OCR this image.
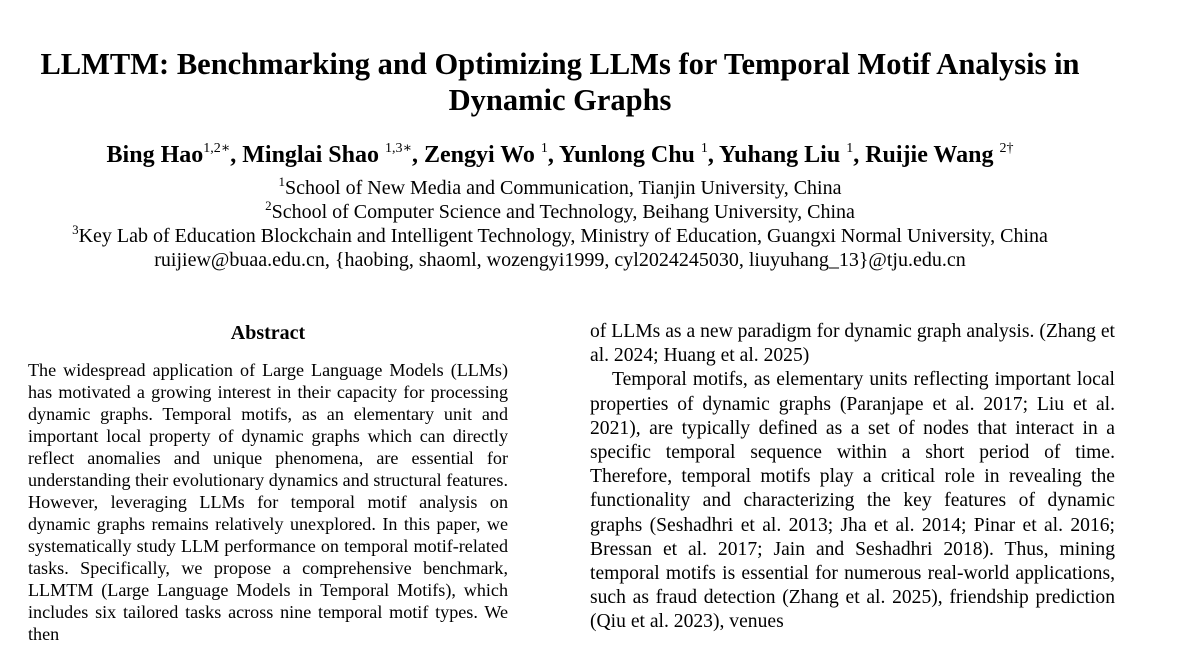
LLMTM: Benchmarking and Optimizing LLMs for Temporal Motif Analysis in
Dynamic Graphs
Bing Hao$^{1,2∗}$, Minglai Shao $^{1,3∗}$, Zengyi Wo $^1$, Yunlong Chu $^1$, Yuhang Liu $^1$, Ruijie Wang $^{2\dagger}$
$^1$School of New Media and Communication, Tianjin University, China
$^2$School of Computer Science and Technology, Beihang University, China
$^3$Key Lab of Education Blockchain and Intelligent Technology, Ministry of Education, Guangxi Normal University, China
ruijiew@buaa.edu.cn, {haobing, shaoml, wozengyi1999, cyl2024245030, liuyuhang_13}@tju.edu.cn
Abstract

The widespread application of Large Language Models (LLMs) has motivated a growing interest in their capacity for processing dynamic graphs. Temporal motifs, as an elementary unit and important local property of dynamic graphs which can directly reflect anomalies and unique phenomena, are essential for understanding their evolutionary dynamics and structural features. However, leveraging LLMs for temporal motif analysis on dynamic graphs remains relatively unexplored. In this paper, we systematically study LLM performance on temporal motif-related tasks. Specifically, we propose a comprehensive benchmark, LLMTM (Large Language Models in Temporal Motifs), which includes six tailored tasks across nine temporal motif types. We then

of LLMs as a new paradigm for dynamic graph analysis. (Zhang et al. 2024; Huang et al. 2025)

Temporal motifs, as elementary units reflecting important local properties of dynamic graphs (Paranjape et al. 2017; Liu et al. 2021), are typically defined as a set of nodes that interact in a specific temporal sequence within a short period of time. Therefore, temporal motifs play a critical role in revealing the functionality and characterizing the key features of dynamic graphs (Seshadhri et al. 2013; Jha et al. 2014; Pinar et al. 2016; Bressan et al. 2017; Jain and Seshadhri 2018). Thus, mining temporal motifs is essential for numerous real-world applications, such as fraud detection (Zhang et al. 2025), friendship prediction (Qiu et al. 2023), venues
